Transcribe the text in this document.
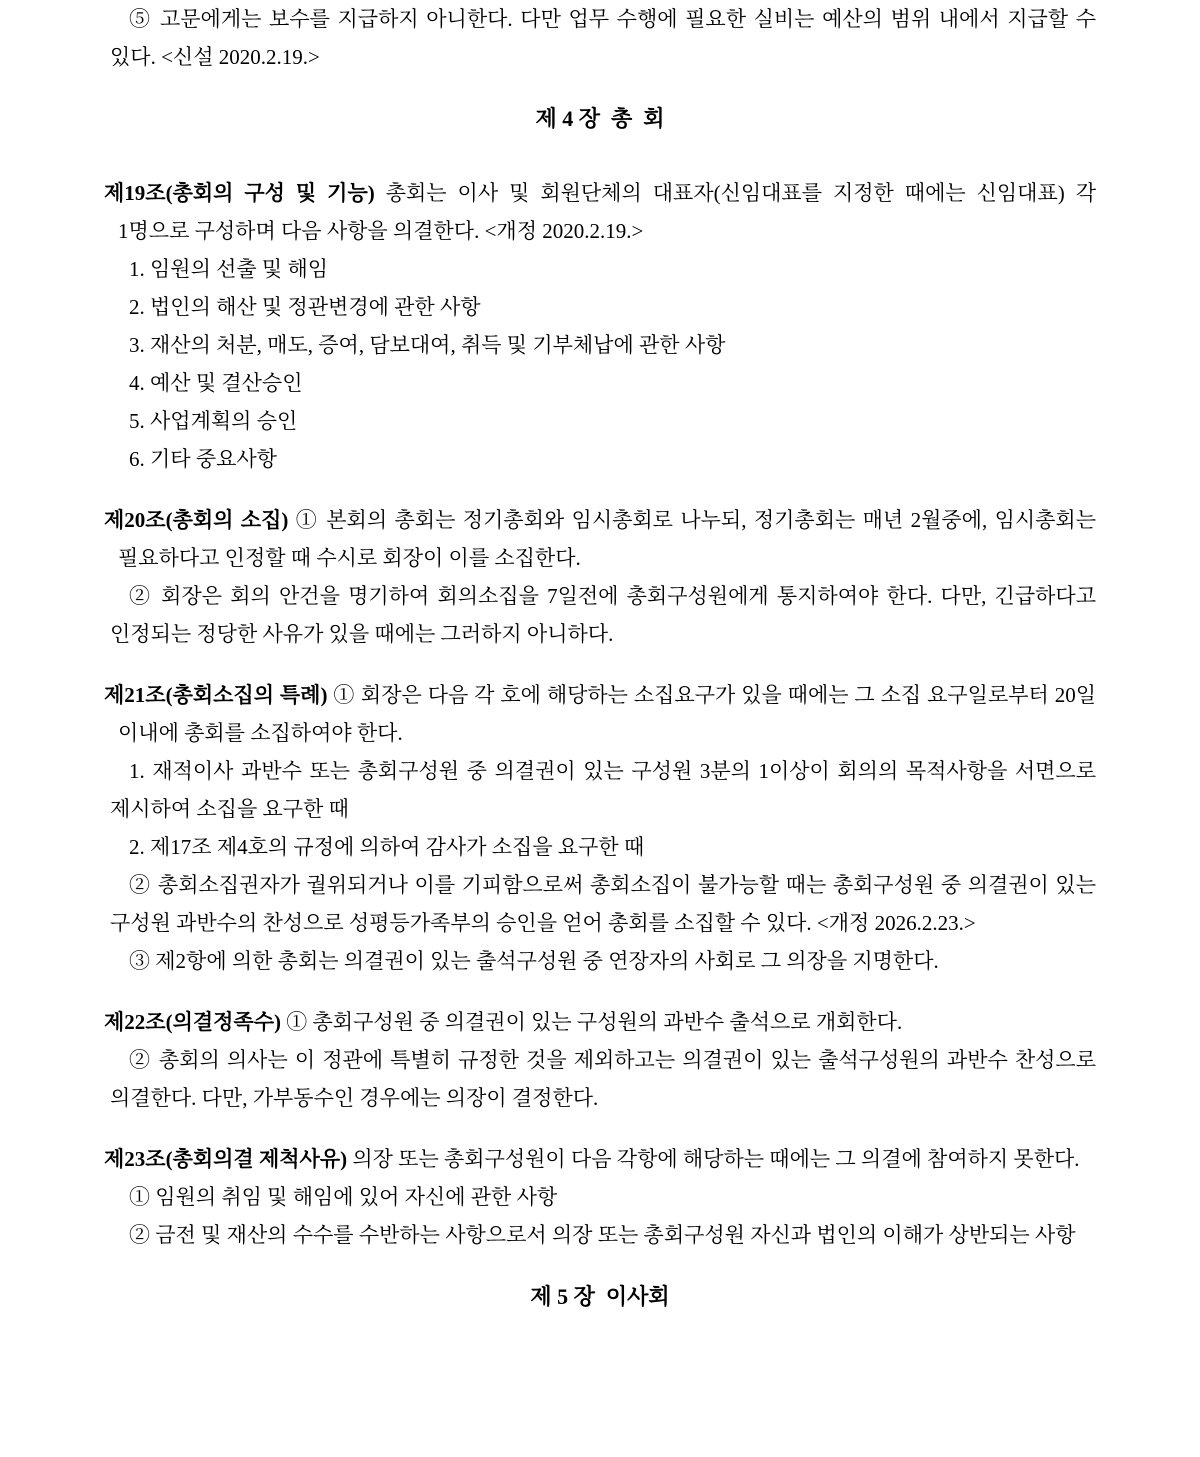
⑤ 고문에게는 보수를 지급하지 아니한다. 다만 업무 수행에 필요한 실비는 예산의 범위 내에서 지급할 수 있다. <신설 2020.2.19.>

제 4 장  총  회

제19조(총회의 구성 및 기능) 총회는 이사 및 회원단체의 대표자(신임대표를 지정한 때에는 신임대표) 각 1명으로 구성하며 다음 사항을 의결한다. <개정 2020.2.19.>

1. 임원의 선출 및 해임

2. 법인의 해산 및 정관변경에 관한 사항

3. 재산의 처분, 매도, 증여, 담보대여, 취득 및 기부체납에 관한 사항

4. 예산 및 결산승인

5. 사업계획의 승인

6. 기타 중요사항

제20조(총회의 소집) ① 본회의 총회는 정기총회와 임시총회로 나누되, 정기총회는 매년 2월중에, 임시총회는 필요하다고 인정할 때 수시로 회장이 이를 소집한다.

② 회장은 회의 안건을 명기하여 회의소집을 7일전에 총회구성원에게 통지하여야 한다. 다만, 긴급하다고 인정되는 정당한 사유가 있을 때에는 그러하지 아니하다.

제21조(총회소집의 특례) ① 회장은 다음 각 호에 해당하는 소집요구가 있을 때에는 그 소집 요구일로부터 20일 이내에 총회를 소집하여야 한다.

1. 재적이사 과반수 또는 총회구성원 중 의결권이 있는 구성원 3분의 1이상이 회의의 목적사항을 서면으로 제시하여 소집을 요구한 때

2. 제17조 제4호의 규정에 의하여 감사가 소집을 요구한 때

② 총회소집권자가 궐위되거나 이를 기피함으로써 총회소집이 불가능할 때는 총회구성원 중 의결권이 있는 구성원 과반수의 찬성으로 성평등가족부의 승인을 얻어 총회를 소집할 수 있다. <개정 2026.2.23.>

③ 제2항에 의한 총회는 의결권이 있는 출석구성원 중 연장자의 사회로 그 의장을 지명한다.

제22조(의결정족수) ① 총회구성원 중 의결권이 있는 구성원의 과반수 출석으로 개회한다.

② 총회의 의사는 이 정관에 특별히 규정한 것을 제외하고는 의결권이 있는 출석구성원의 과반수 찬성으로 의결한다. 다만, 가부동수인 경우에는 의장이 결정한다.

제23조(총회의결 제척사유) 의장 또는 총회구성원이 다음 각항에 해당하는 때에는 그 의결에 참여하지 못한다.

① 임원의 취임 및 해임에 있어 자신에 관한 사항

② 금전 및 재산의 수수를 수반하는 사항으로서 의장 또는 총회구성원 자신과 법인의 이해가 상반되는 사항

제 5 장  이사회
